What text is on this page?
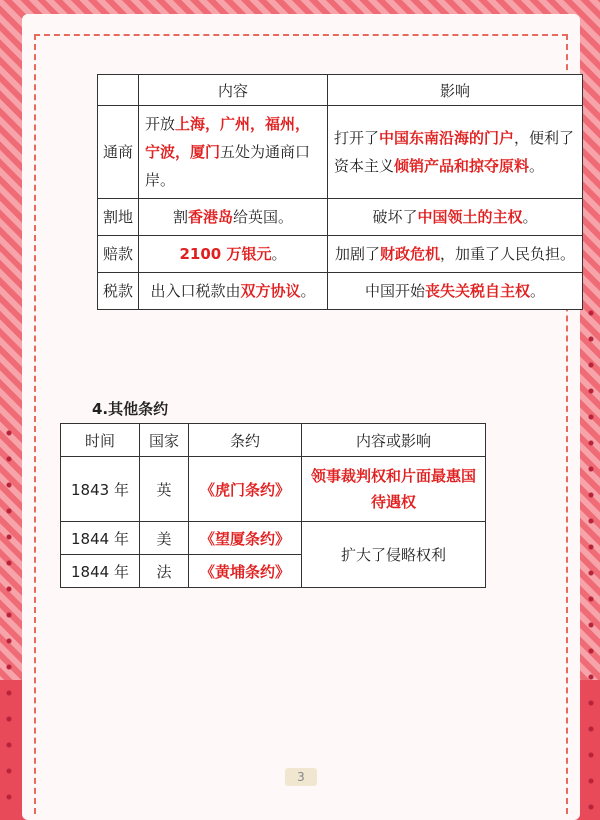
	内容	影响
通商	开放上海，广州，福州，宁波，厦门五处为通商口岸。	打开了中国东南沿海的门户，便利了资本主义倾销产品和掠夺原料。
割地	割香港岛给英国。	破坏了中国领土的主权。
赔款	2100 万银元。	加剧了财政危机，加重了人民负担。
税款	出入口税款由双方协议。	中国开始丧失关税自主权。
4.其他条约
时间	国家	条约	内容或影响
1843 年	英	《虎门条约》	领事裁判权和片面最惠国待遇权
1844 年	美	《望厦条约》	扩大了侵略权利
1844 年	法	《黄埔条约》	
3
